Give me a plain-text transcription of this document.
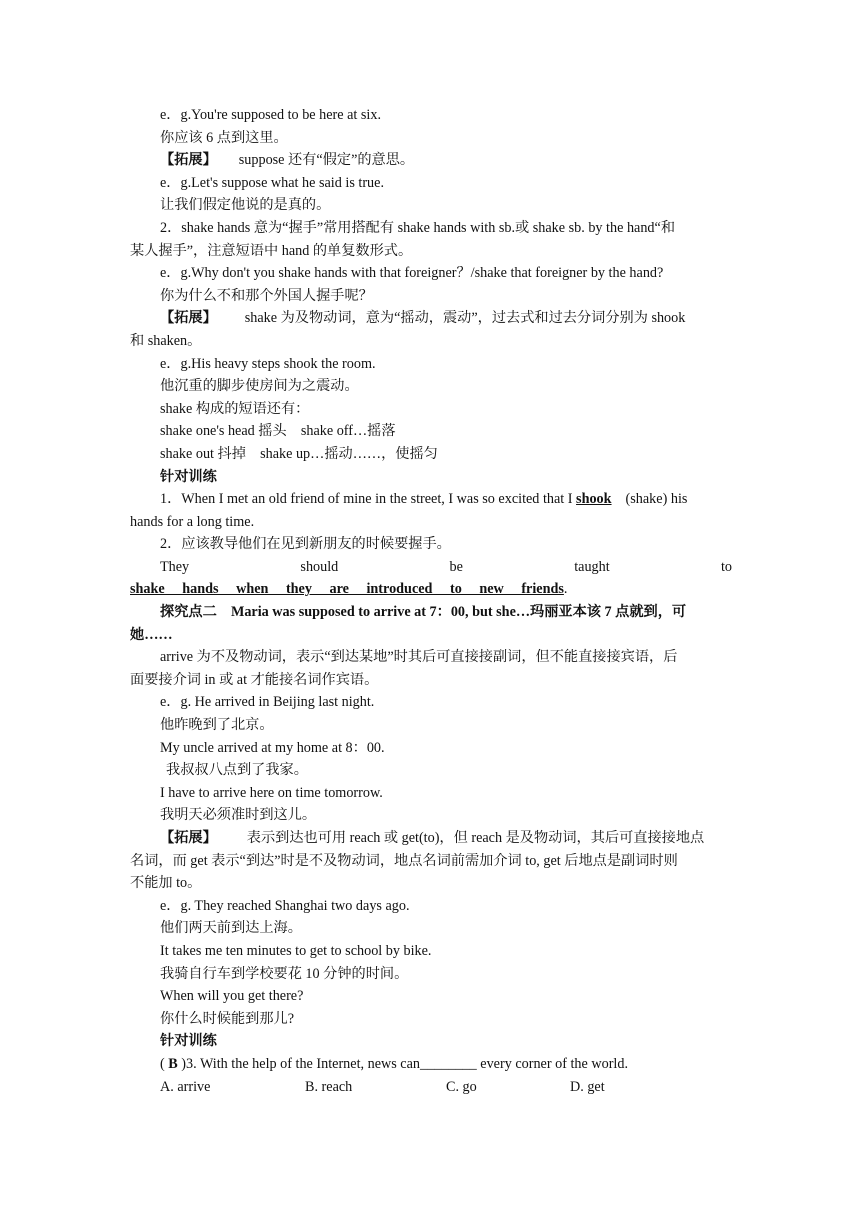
e．g.You're supposed to be here at six.
你应该 6 点到这里。
【拓展】 suppose 还有“假定”的意思。
e．g.Let's suppose what he said is true.
让我们假定他说的是真的。
2．shake hands 意为“握手”常用搭配有 shake hands with sb.或 shake sb. by the hand“和
某人握手”，注意短语中 hand 的单复数形式。
e．g.Why don't you shake hands with that foreigner？/shake that foreigner by the hand?
你为什么不和那个外国人握手呢？
【拓展】 shake 为及物动词，意为“摇动，震动”，过去式和过去分词分别为 shook
和 shaken。
e．g.His heavy steps shook the room.
他沉重的脚步使房间为之震动。
shake 构成的短语还有：
shake one's head 摇头　shake off…摇落
shake out 抖掉　shake up…摇动……，使摇匀
针对训练
1．When I met an old friend of mine in the street, I was so excited that I shook (shake) his
hands for a long time.
2．应该教导他们在见到新朋友的时候要握手。
They should be taught to
shake hands when they are introduced to new friends.
探究点二　Maria was supposed to arrive at 7：00, but she…玛丽亚本该 7 点就到，可
她……
arrive 为不及物动词，表示“到达某地”时其后可直接接副词，但不能直接接宾语，后
面要接介词 in 或 at 才能接名词作宾语。
e．g. He arrived in Beijing last night.
他昨晚到了北京。
My uncle arrived at my home at 8：00.
我叔叔八点到了我家。
I have to arrive here on time tomorrow.
我明天必须准时到这儿。
【拓展】 表示到达也可用 reach 或 get(to)，但 reach 是及物动词，其后可直接接地点
名词，而 get 表示“到达”时是不及物动词，地点名词前需加介词 to, get 后地点是副词时则
不能加 to。
e．g. They reached Shanghai two days ago.
他们两天前到达上海。
It takes me ten minutes to get to school by bike.
我骑自行车到学校要花 10 分钟的时间。
When will you get there?
你什么时候能到那儿?
针对训练
( B )3. With the help of the Internet, news can________ every corner of the world.
A. arrive	B. reach	C. go	D. get
